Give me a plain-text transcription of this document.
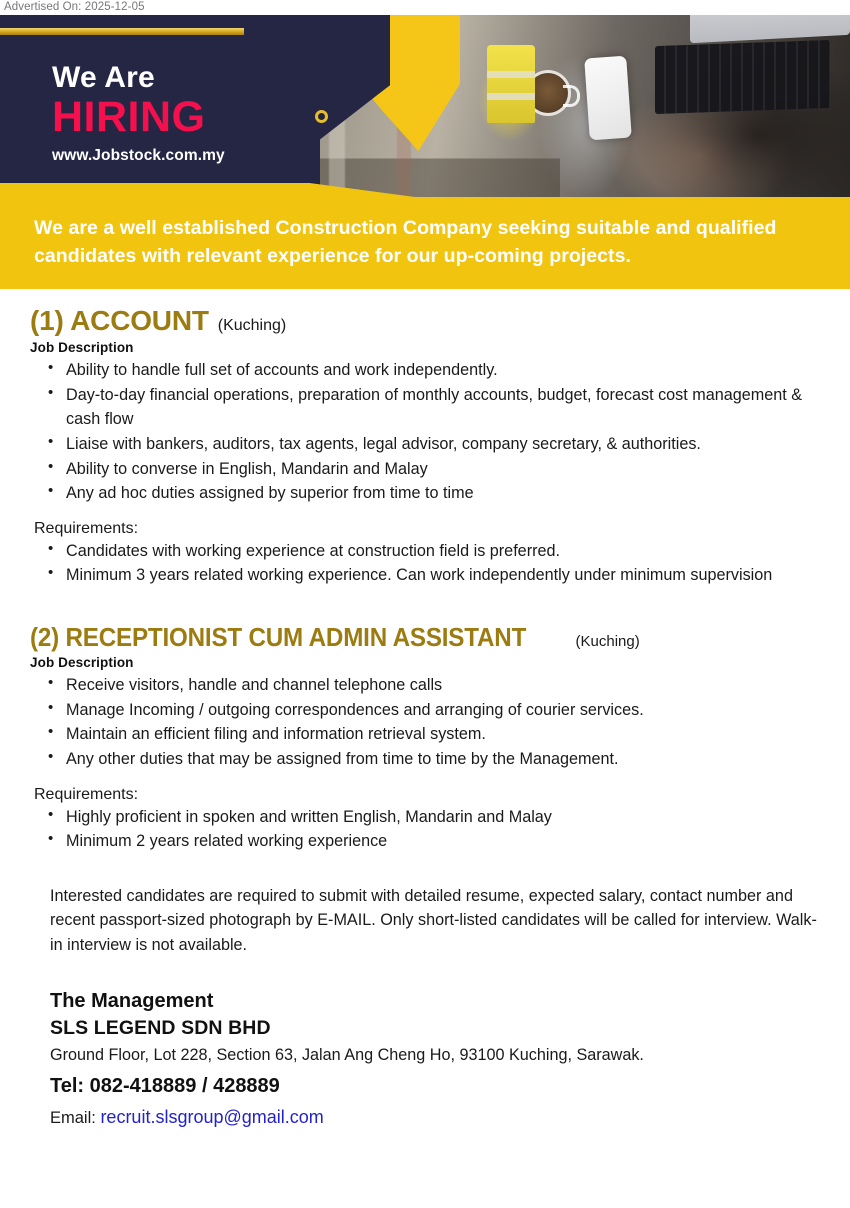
Advertised On: 2025-12-05
We Are
HIRING
www.Jobstock.com.my

We are a well established Construction Company seeking suitable and qualified candidates with relevant experience for our up-coming projects.

(1) ACCOUNT (Kuching)
Job Description
• Ability to handle full set of accounts and work independently.
• Day-to-day financial operations, preparation of monthly accounts, budget, forecast cost management & cash flow
• Liaise with bankers, auditors, tax agents, legal advisor, company secretary, & authorities.
• Ability to converse in English, Mandarin and Malay
• Any ad hoc duties assigned by superior from time to time
Requirements:
• Candidates with working experience at construction field is preferred.
• Minimum 3 years related working experience. Can work independently under minimum supervision
(2) RECEPTIONIST CUM ADMIN ASSISTANT	(Kuching)
Job Description
• Receive visitors, handle and channel telephone calls
• Manage Incoming / outgoing correspondences and arranging of courier services.
• Maintain an efficient filing and information retrieval system.
• Any other duties that may be assigned from time to time by the Management.
Requirements:
• Highly proficient in spoken and written English, Mandarin and Malay
• Minimum 2 years related working experience

Interested candidates are required to submit with detailed resume, expected salary, contact number and recent passport-sized photograph by E-MAIL. Only short-listed candidates will be called for interview. Walk-in interview is not available.

The Management
SLS LEGEND SDN BHD
Ground Floor, Lot 228, Section 63, Jalan Ang Cheng Ho, 93100 Kuching, Sarawak.
Tel: 082-418889 / 428889
Email: recruit.slsgroup@gmail.com
